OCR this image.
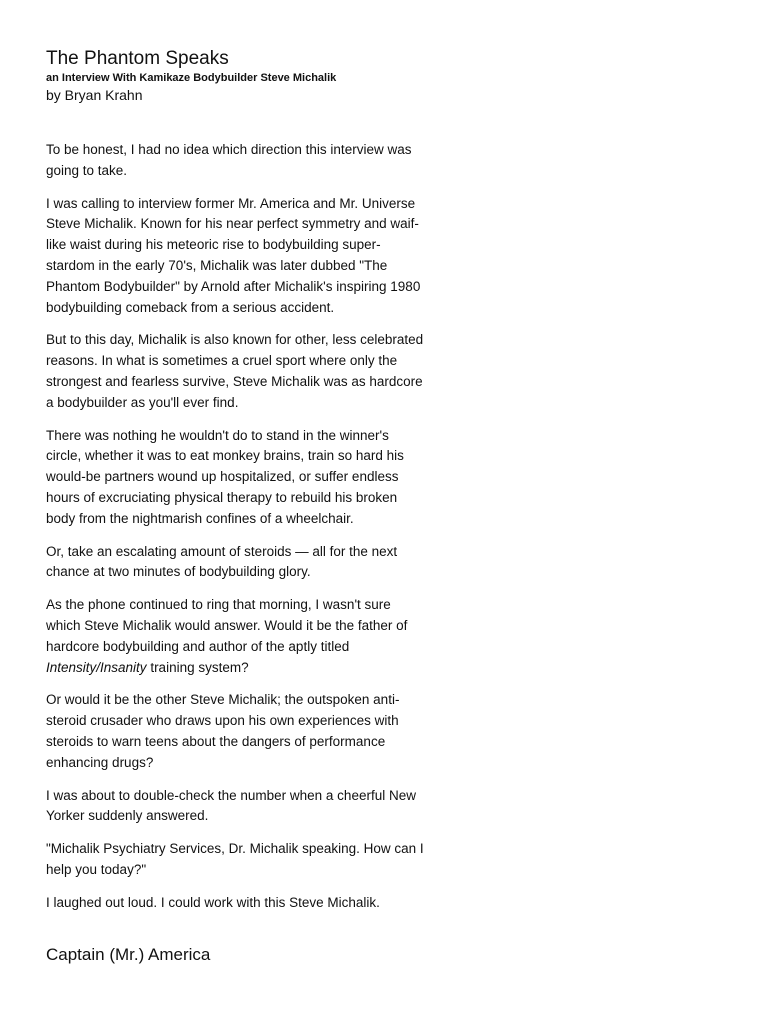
The Phantom Speaks

an Interview With Kamikaze Bodybuilder Steve Michalik

by Bryan Krahn

To be honest, I had no idea which direction this interview was
going to take.

I was calling to interview former Mr. America and Mr. Universe
Steve Michalik. Known for his near perfect symmetry and waif-
like waist during his meteoric rise to bodybuilding super-
stardom in the early 70's, Michalik was later dubbed "The
Phantom Bodybuilder" by Arnold after Michalik's inspiring 1980
bodybuilding comeback from a serious accident.

But to this day, Michalik is also known for other, less celebrated
reasons. In what is sometimes a cruel sport where only the
strongest and fearless survive, Steve Michalik was as hardcore
a bodybuilder as you'll ever find.

There was nothing he wouldn't do to stand in the winner's
circle, whether it was to eat monkey brains, train so hard his
would-be partners wound up hospitalized, or suffer endless
hours of excruciating physical therapy to rebuild his broken
body from the nightmarish confines of a wheelchair.

Or, take an escalating amount of steroids — all for the next
chance at two minutes of bodybuilding glory.

As the phone continued to ring that morning, I wasn't sure
which Steve Michalik would answer. Would it be the father of
hardcore bodybuilding and author of the aptly titled
Intensity/Insanity training system?

Or would it be the other Steve Michalik; the outspoken anti-
steroid crusader who draws upon his own experiences with
steroids to warn teens about the dangers of performance
enhancing drugs?

I was about to double-check the number when a cheerful New
Yorker suddenly answered.

"Michalik Psychiatry Services, Dr. Michalik speaking. How can I
help you today?"

I laughed out loud. I could work with this Steve Michalik.

Captain (Mr.) America
